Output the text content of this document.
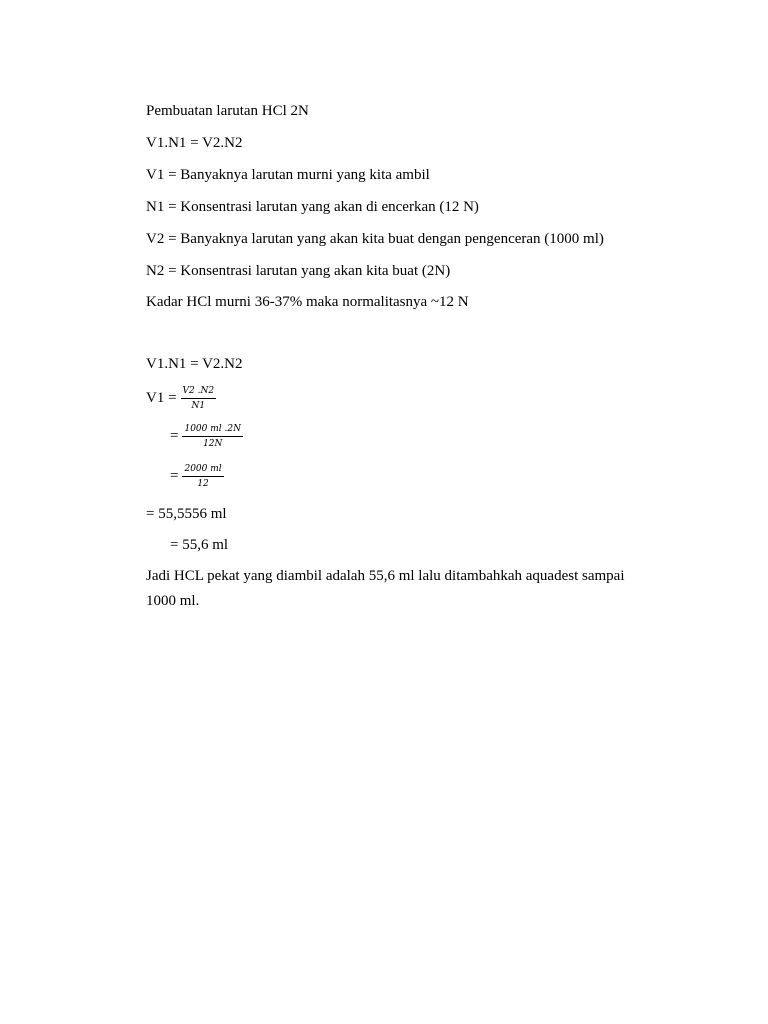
Pembuatan larutan HCl 2N
V1.N1 = V2.N2
V1 = Banyaknya larutan murni yang kita ambil
N1 = Konsentrasi larutan yang akan di encerkan (12 N)
V2 = Banyaknya larutan yang akan kita buat dengan pengenceran (1000 ml)
N2 = Konsentrasi larutan yang akan kita buat (2N)
Kadar HCl murni 36-37% maka normalitasnya ~12 N
V1.N1 = V2.N2
$V1 = \frac{V2 .N2}{N1}$
= $\frac{1000 ml .2N}{12N}$
= $\frac{2000 ml}{12}$
= 55,5556 ml
= 55,6 ml
Jadi HCL pekat yang diambil adalah 55,6 ml lalu ditambahkah aquadest sampai 1000 ml.
